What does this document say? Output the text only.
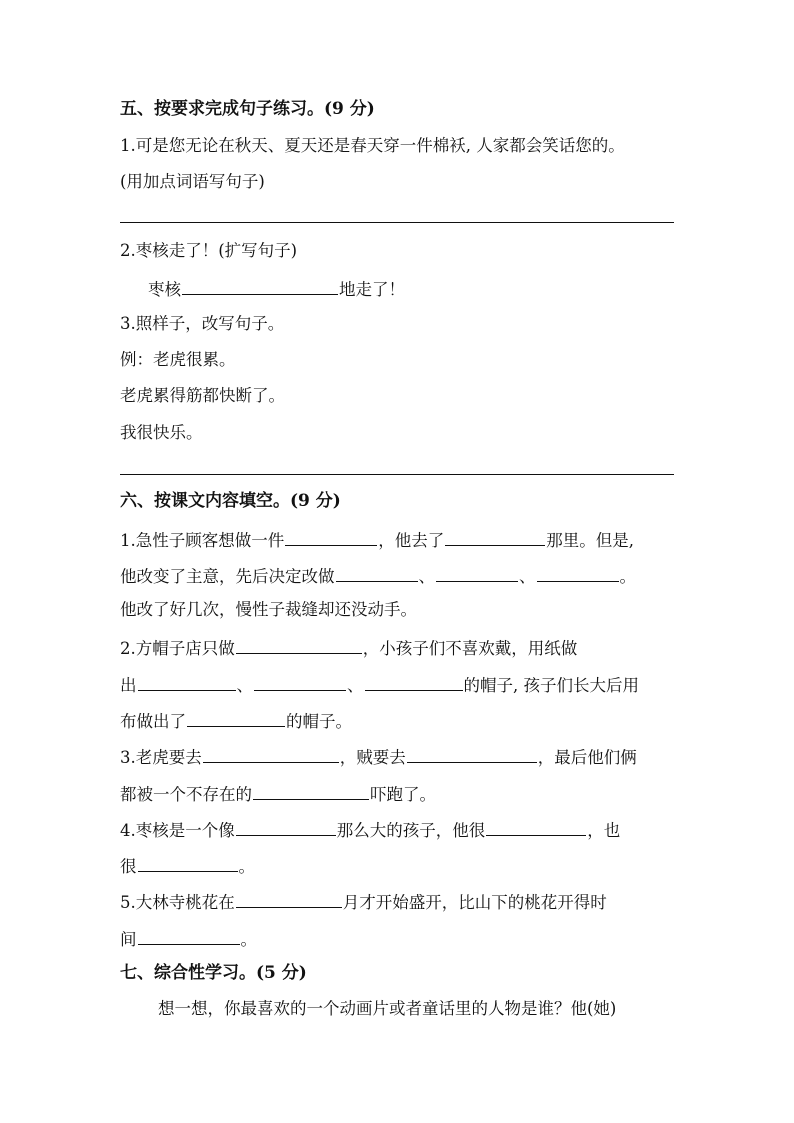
五、按要求完成句子练习。(9 分)
1.可是您无论在秋天、夏天还是春天穿一件棉袄, 人家都会笑话您的。
(用加点词语写句子)
2.枣核走了！(扩写句子)
枣核	地走了！
3.照样子，改写句子。
例：老虎很累。
老虎累得筋都快断了。
我很快乐。
六、按课文内容填空。(9 分)
1.急性子顾客想做一件	，他去了	那里。但是,
他改变了主意，先后决定改做	、	、	。
他改了好几次，慢性子裁缝却还没动手。
2.方帽子店只做	，小孩子们不喜欢戴，用纸做
出	、	、	的帽子, 孩子们长大后用
布做出了	的帽子。
3.老虎要去	，贼要去	，最后他们俩
都被一个不存在的	吓跑了。
4.枣核是一个像	那么大的孩子，他很	，也
很	。
5.大林寺桃花在	月才开始盛开，比山下的桃花开得时
间	。
七、综合性学习。(5 分)
想一想，你最喜欢的一个动画片或者童话里的人物是谁？他(她)
